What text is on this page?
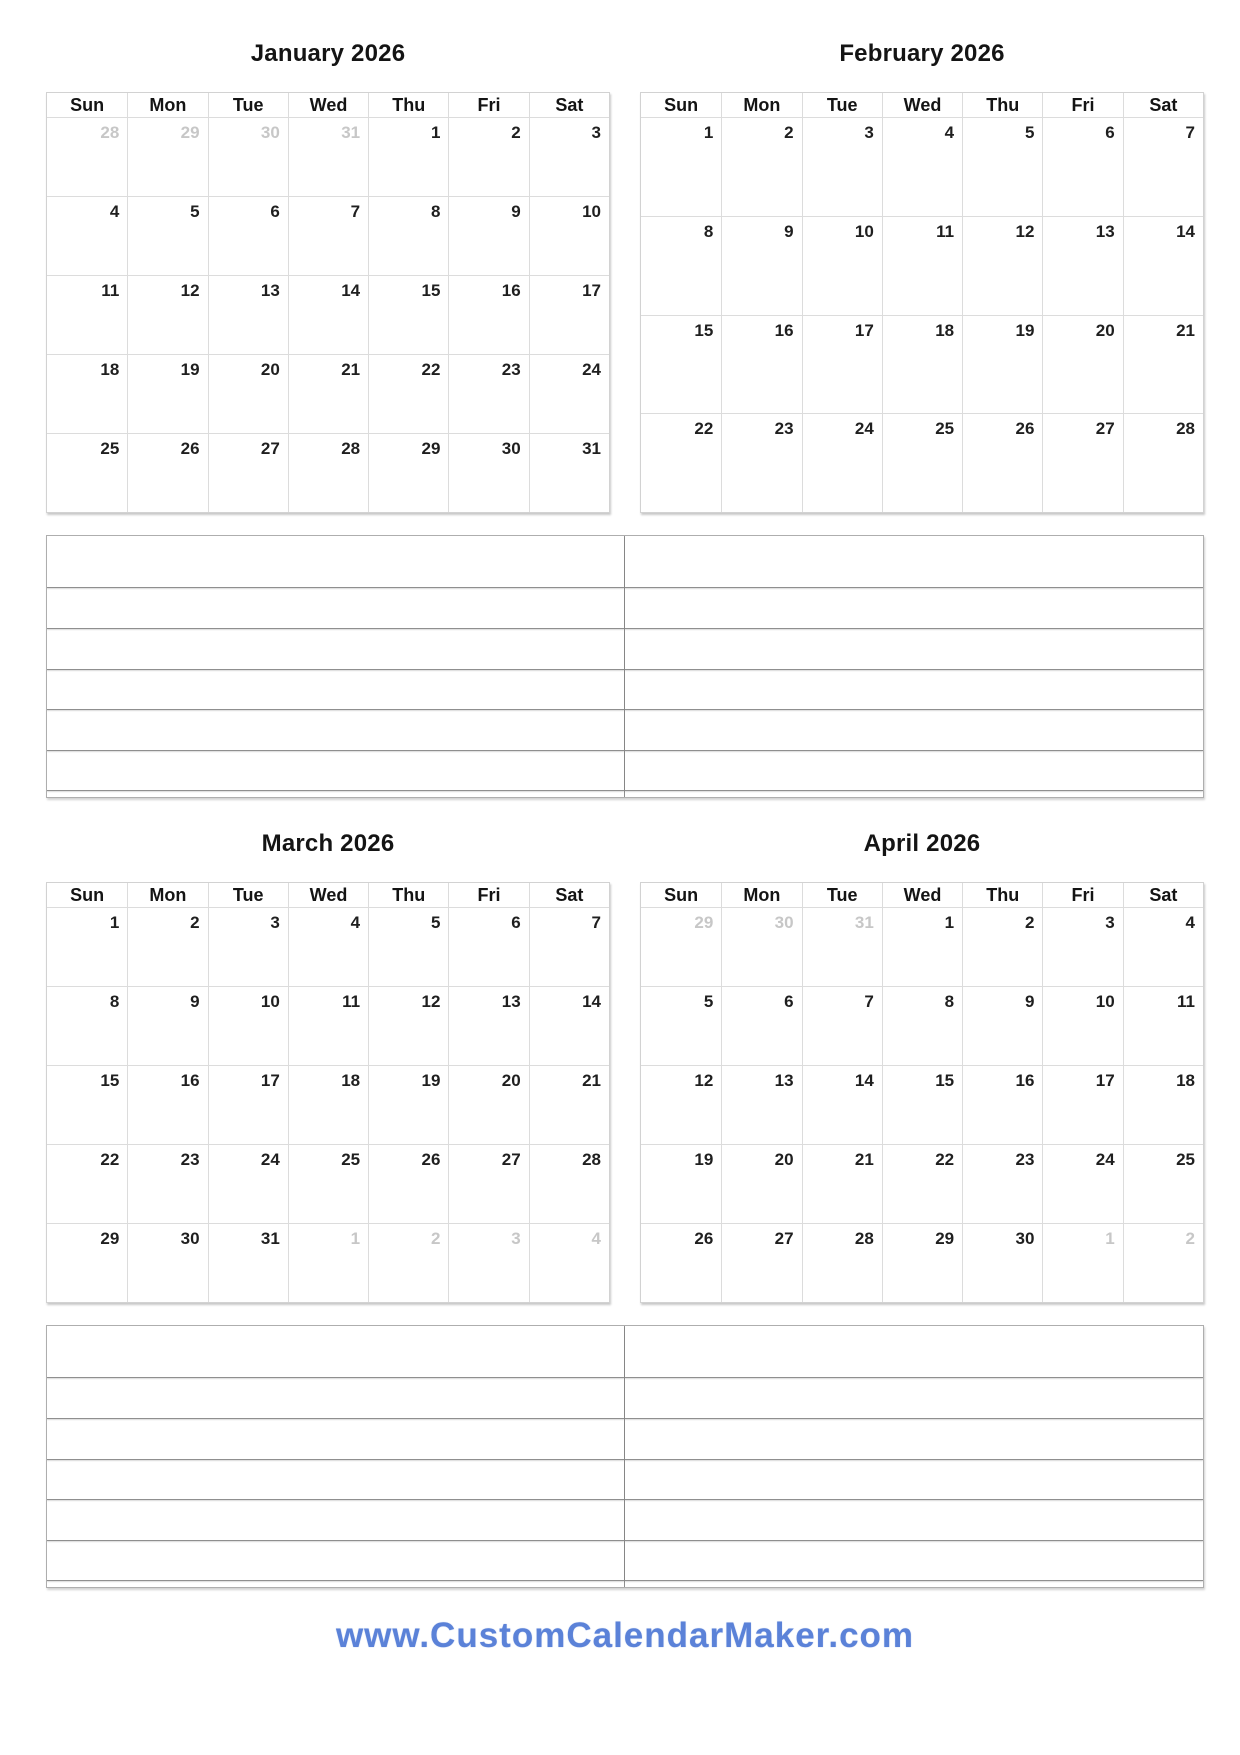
January 2026
Sun	Mon	Tue	Wed	Thu	Fri	Sat
28	29	30	31	1	2	3
4	5	6	7	8	9	10
11	12	13	14	15	16	17
18	19	20	21	22	23	24
25	26	27	28	29	30	31
February 2026
Sun	Mon	Tue	Wed	Thu	Fri	Sat
1	2	3	4	5	6	7
8	9	10	11	12	13	14
15	16	17	18	19	20	21
22	23	24	25	26	27	28
March 2026
Sun	Mon	Tue	Wed	Thu	Fri	Sat
1	2	3	4	5	6	7
8	9	10	11	12	13	14
15	16	17	18	19	20	21
22	23	24	25	26	27	28
29	30	31	1	2	3	4
April 2026
Sun	Mon	Tue	Wed	Thu	Fri	Sat
29	30	31	1	2	3	4
5	6	7	8	9	10	11
12	13	14	15	16	17	18
19	20	21	22	23	24	25
26	27	28	29	30	1	2
www.CustomCalendarMaker.com
